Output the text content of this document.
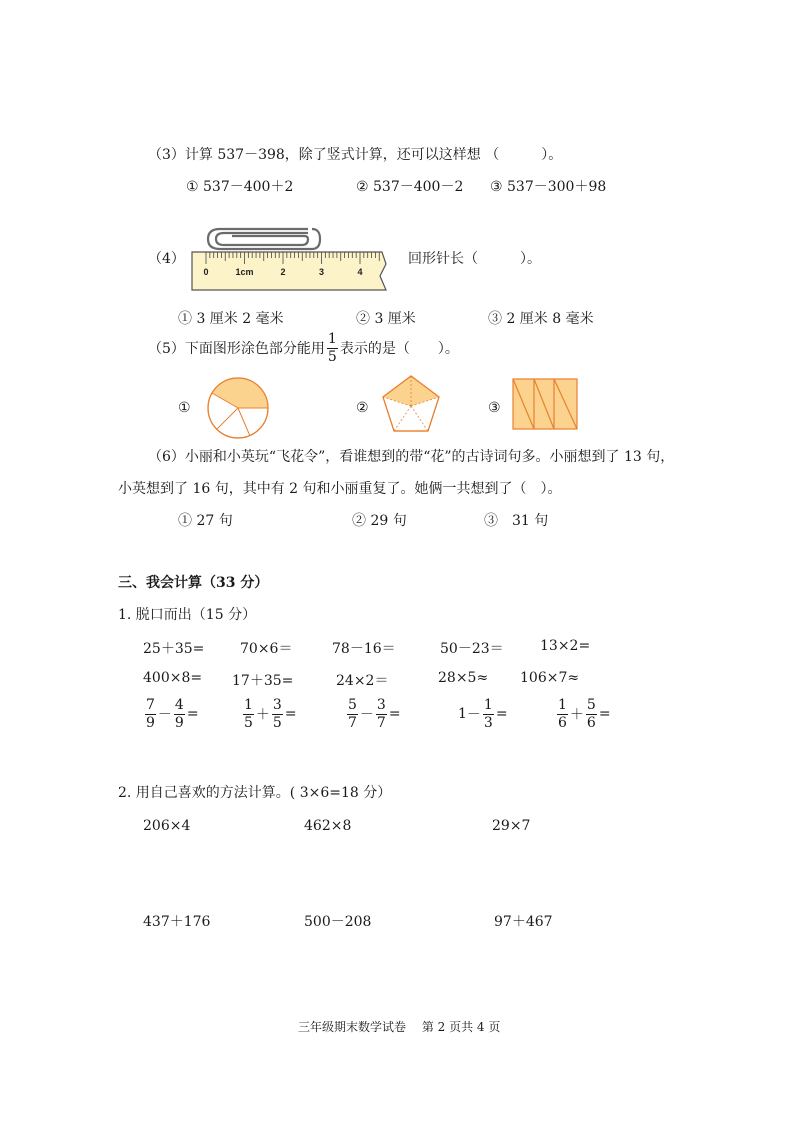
（3）计算 537－398，除了竖式计算，还可以这样想 （　　　）。
① 537－400＋2	② 537－400－2 ③ 537－300＋98
（4）
0	1cm	2	3	4
回形针长（　　　）。
① 3 厘米 2 毫米	② 3 厘米	③ 2 厘米 8 毫米
（5）下面图形涂色部分能用 $\frac{1}{5}$ 表示的是（　　）。
①	②	③
（6）小丽和小英玩“飞花令”，看谁想到的带“花”的古诗词句多。小丽想到了 13 句，
小英想到了 16 句，其中有 2 句和小丽重复了。她俩一共想到了（　）。
① 27 句	② 29 句	③　31 句
三、我会计算（33 分）
1. 脱口而出（15 分）
25＋35=	70×6＝	78－16＝	50－23＝	13×2=
400×8= 17＋35=	24×2＝	28×5≈ 106×7≈
$\frac{7}{9} - \frac{4}{9}$ =	$\frac{1}{5} + \frac{3}{5}$ =	$\frac{5}{7} - \frac{3}{7}$ =	$1 - \frac{1}{3}$ =	$\frac{1}{6} + \frac{5}{6}$ =
2. 用自己喜欢的方法计算。( 3×6=18 分）
206×4	462×8	29×7
437＋176	500－208	97＋467
三年级期末数学试卷　 第 2 页共 4 页
